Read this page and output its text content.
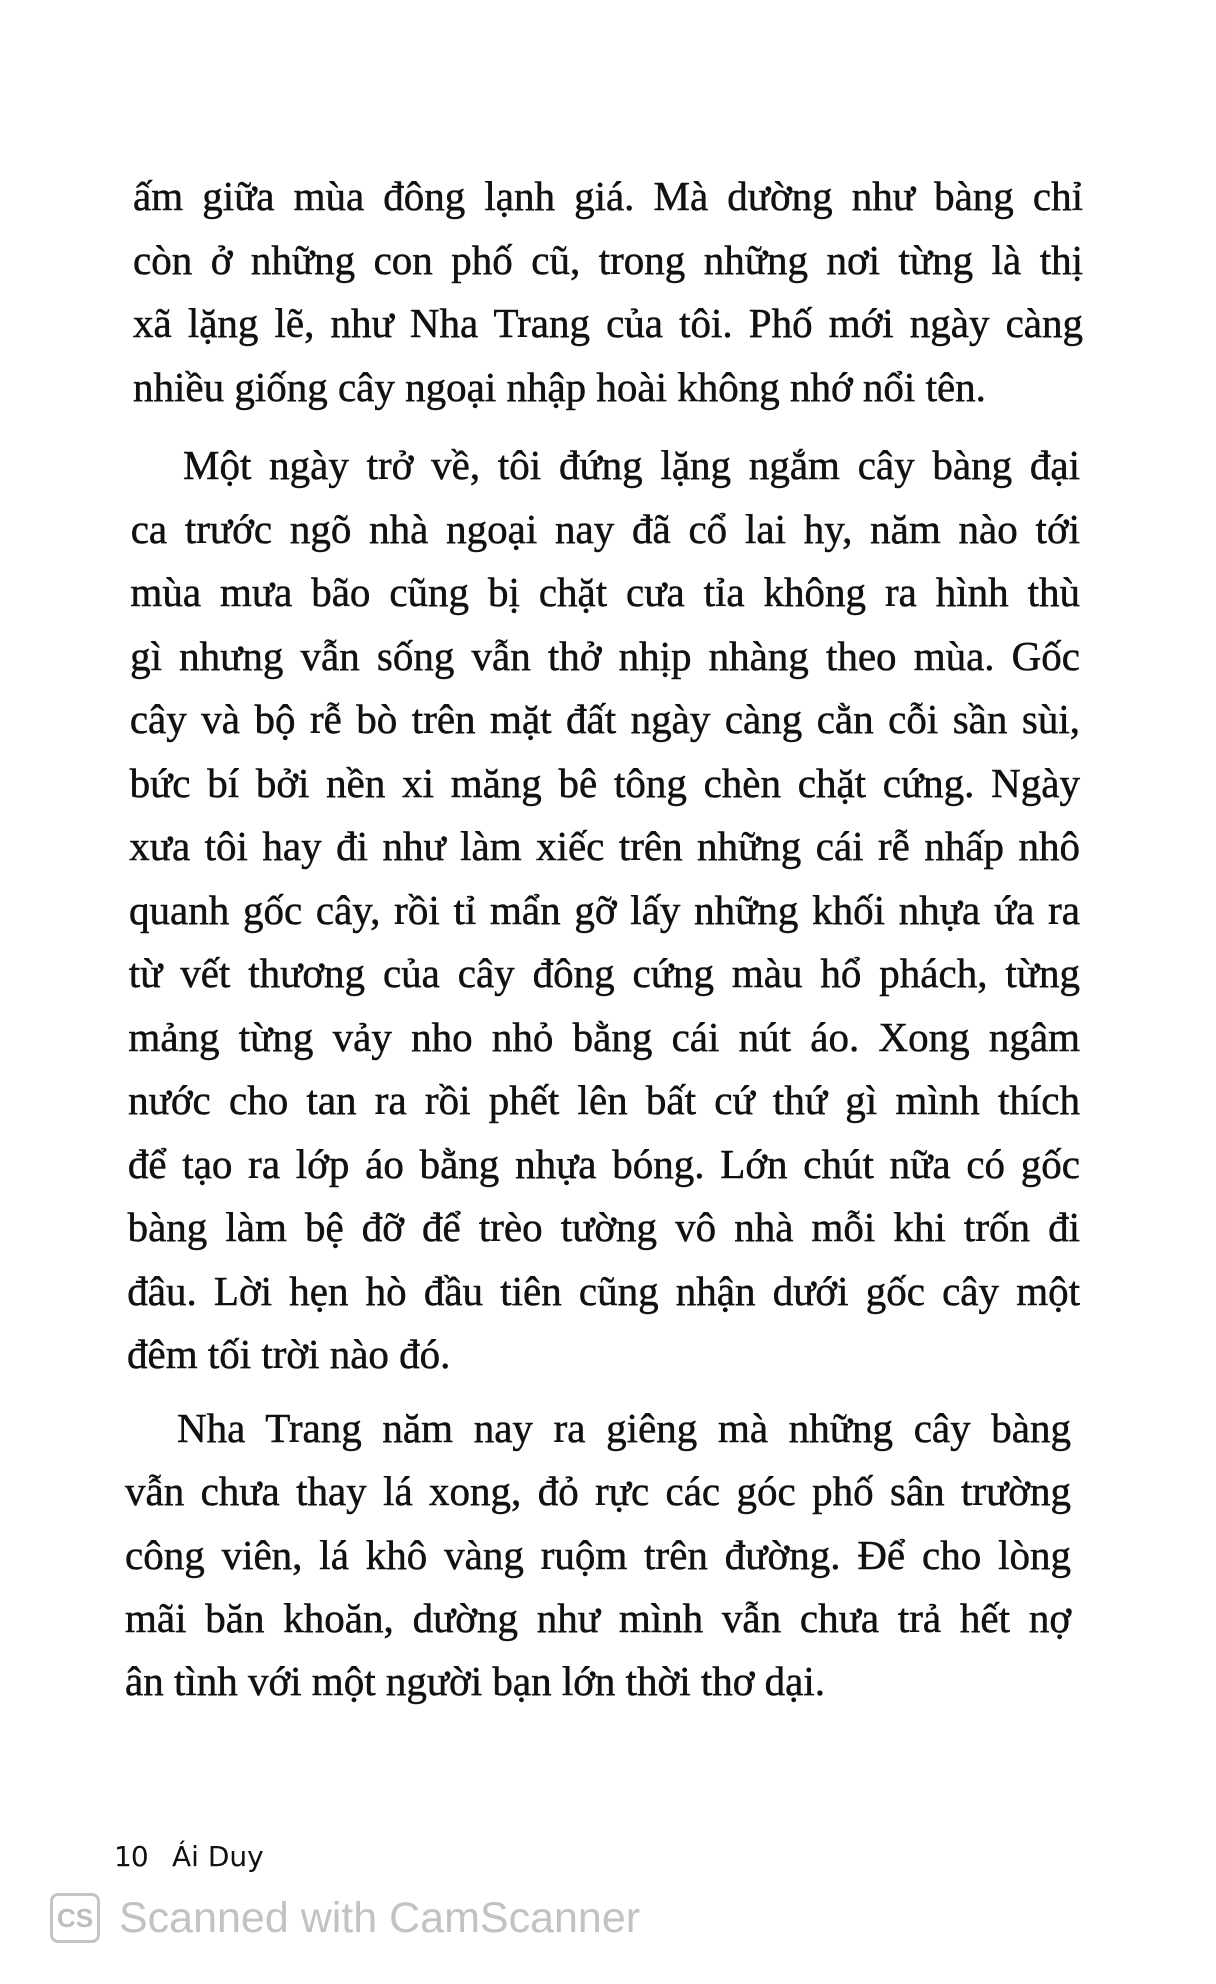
ấm giữa mùa đông lạnh giá. Mà dường như bàng chỉ

còn ở những con phố cũ, trong những nơi từng là thị

xã lặng lẽ, như Nha Trang của tôi. Phố mới ngày càng

nhiều giống cây ngoại nhập hoài không nhớ nổi tên.

Một ngày trở về, tôi đứng lặng ngắm cây bàng đại

ca trước ngõ nhà ngoại nay đã cổ lai hy, năm nào tới

mùa mưa bão cũng bị chặt cưa tỉa không ra hình thù

gì nhưng vẫn sống vẫn thở nhịp nhàng theo mùa. Gốc

cây và bộ rễ bò trên mặt đất ngày càng cằn cỗi sần sùi,

bức bí bởi nền xi măng bê tông chèn chặt cứng. Ngày

xưa tôi hay đi như làm xiếc trên những cái rễ nhấp nhô

quanh gốc cây, rồi tỉ mẩn gỡ lấy những khối nhựa ứa ra

từ vết thương của cây đông cứng màu hổ phách, từng

mảng từng vảy nho nhỏ bằng cái nút áo. Xong ngâm

nước cho tan ra rồi phết lên bất cứ thứ gì mình thích

để tạo ra lớp áo bằng nhựa bóng. Lớn chút nữa có gốc

bàng làm bệ đỡ để trèo tường vô nhà mỗi khi trốn đi

đâu. Lời hẹn hò đầu tiên cũng nhận dưới gốc cây một

đêm tối trời nào đó.

Nha Trang năm nay ra giêng mà những cây bàng

vẫn chưa thay lá xong, đỏ rực các góc phố sân trường

công viên, lá khô vàng ruộm trên đường. Để cho lòng

mãi băn khoăn, dường như mình vẫn chưa trả hết nợ

ân tình với một người bạn lớn thời thơ dại.

10 Ái Duy
CS Scanned with CamScanner
